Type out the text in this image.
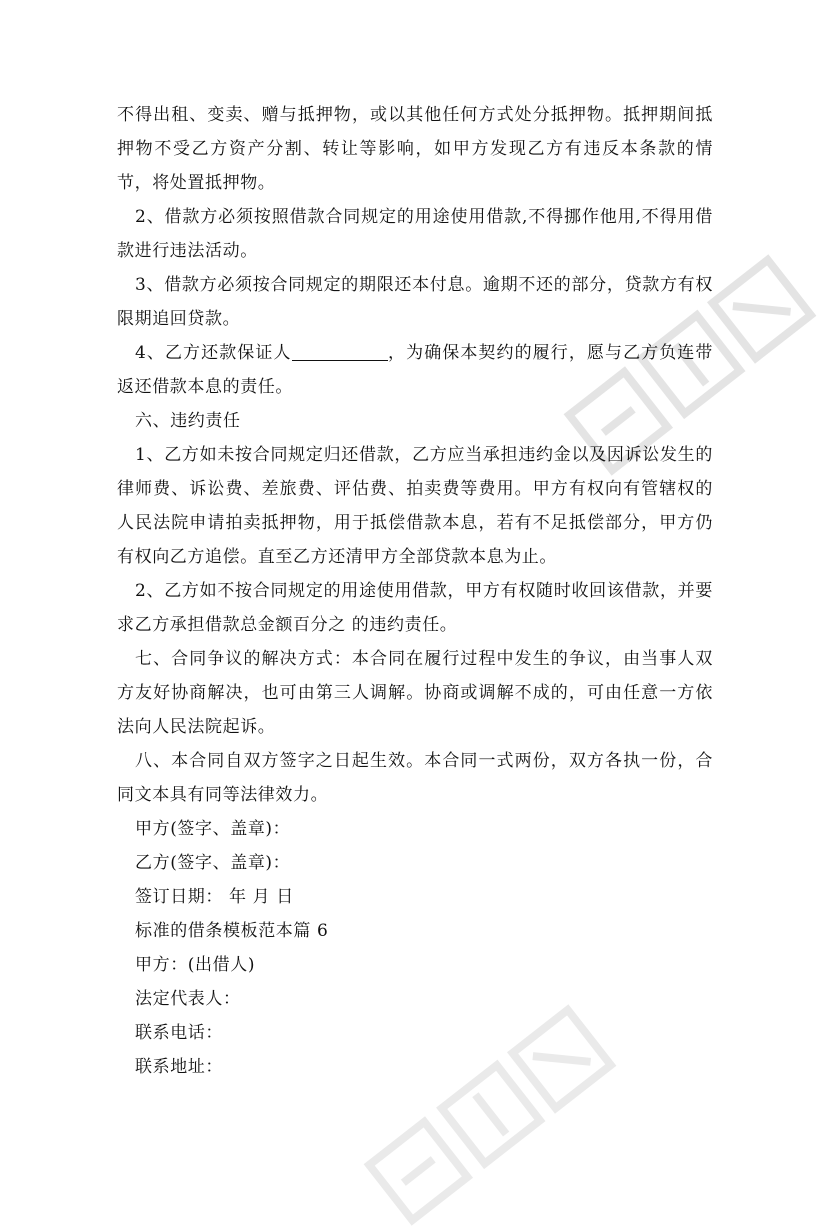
不得出租、变卖、赠与抵押物，或以其他任何方式处分抵押物。抵押期间抵押物不受乙方资产分割、转让等影响，如甲方发现乙方有违反本条款的情节，将处置抵押物。

2、借款方必须按照借款合同规定的用途使用借款,不得挪作他用,不得用借款进行违法活动。

3、借款方必须按合同规定的期限还本付息。逾期不还的部分，贷款方有权限期追回贷款。

4、乙方还款保证人	，为确保本契约的履行，愿与乙方负连带返还借款本息的责任。

六、违约责任

1、乙方如未按合同规定归还借款，乙方应当承担违约金以及因诉讼发生的律师费、诉讼费、差旅费、评估费、拍卖费等费用。甲方有权向有管辖权的人民法院申请拍卖抵押物，用于抵偿借款本息，若有不足抵偿部分，甲方仍有权向乙方追偿。直至乙方还清甲方全部贷款本息为止。

2、乙方如不按合同规定的用途使用借款，甲方有权随时收回该借款，并要求乙方承担借款总金额百分之 的违约责任。

七、合同争议的解决方式：本合同在履行过程中发生的争议，由当事人双方友好协商解决，也可由第三人调解。协商或调解不成的，可由任意一方依法向人民法院起诉。

八、本合同自双方签字之日起生效。本合同一式两份，双方各执一份，合同文本具有同等法律效力。

甲方(签字、盖章)：

乙方(签字、盖章)：

签订日期： 年 月 日

标准的借条模板范本篇 6

甲方：(出借人)

法定代表人：

联系电话：

联系地址：
